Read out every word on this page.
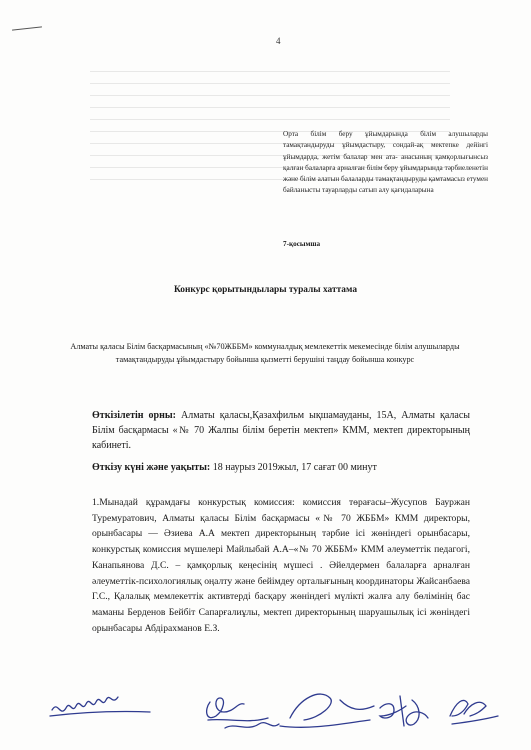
4

Орта білім беру ұйымдарында білім алушыларды тамақтандыруды ұйымдастыру, сондай-ақ мектепке дейінгі ұйымдарда, жетім балалар мен ата- анасының қамқорлығынсыз қалған балаларға арналған білім беру ұйымдарында тәрбиеленетін және білім алатын балаларды тамақтандыруды қамтамасыз етумен байланысты тауарларды сатып алу қағидаларына

7-қосымша
Конкурс қорытындылары туралы хаттама
Алматы қаласы Білім басқармасының «№70ЖББМ» коммуналдық мемлекеттік мекемесінде білім алушыларды тамақтандыруды ұйымдастыру бойынша қызметті берушіні таңдау бойынша конкурс
Өткізілетін орны: Алматы қаласы,Қазахфильм ықшамауданы, 15А, Алматы қаласы Білім басқармасы «№ 70 Жалпы білім беретін мектеп» КММ, мектеп директорының кабинеті.
Өткізу күні және уақыты: 18 наурыз 2019жыл, 17 сағат 00 минут
1.Мынадай құрамдағы конкурстық комиссия: комиссия төрағасы–Жусупов Бауржан Туремуратович, Алматы қаласы Білім басқармасы «№ 70 ЖББМ» КММ директоры, орынбасары — Әзиева А.А мектеп директорының тәрбие ісі жөніндегі орынбасары, конкурстық комиссия мүшелері Майлыбай А.А–«№ 70 ЖББМ» КММ әлеуметтік педагогі, Канапьянова Д.С. – қамқорлық кеңесінің мүшесі . Әйелдермен балаларға арналған әлеуметтік-психологиялық оңалту және бейімдеу орталығының координаторы Жайсанбаева Г.С., Қалалық мемлекеттік активтерді басқару жөніндегі мүлікті жалға алу бөлімінің бас маманы Берденов Бейбіт Сапарғалиұлы, мектеп директорының шаруашылық ісі жөніндегі орынбасары Абдірахманов Е.З.
